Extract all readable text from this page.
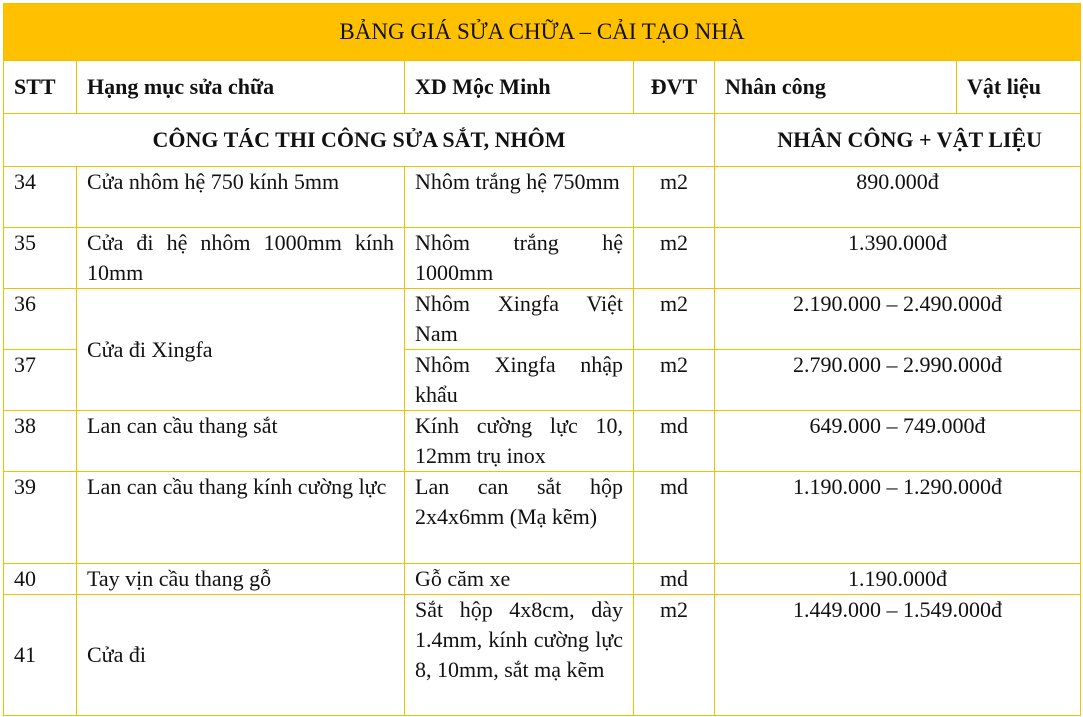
BẢNG GIÁ SỬA CHỮA – CẢI TẠO NHÀ					
STT	Hạng mục sửa chữa	XD Mộc Minh	ĐVT	Nhân công	Vật liệu
CÔNG TÁC THI CÔNG SỬA SẮT, NHÔM				NHÂN CÔNG + VẬT LIỆU	
34	Cửa nhôm hệ 750 kính 5mm	Nhôm trắng hệ 750mm	m2	890.000đ	
35	Cửa đi hệ nhôm 1000mm kính 10mm	Nhôm trắng hệ 1000mm	m2	1.390.000đ	
36	Cửa đi Xingfa	Nhôm Xingfa Việt Nam	m2	2.190.000 – 2.490.000đ	
37		Nhôm Xingfa nhập khẩu	m2	2.790.000 – 2.990.000đ	
38	Lan can cầu thang sắt	Kính cường lực 10, 12mm trụ inox	md	649.000 – 749.000đ	
39	Lan can cầu thang kính cường lực	Lan can sắt hộp 2x4x6mm (Mạ kẽm)	md	1.190.000 – 1.290.000đ	
40	Tay vịn cầu thang gỗ	Gỗ căm xe	md	1.190.000đ	
41	Cửa đi	Sắt hộp 4x8cm, dày 1.4mm, kính cường lực 8, 10mm, sắt mạ kẽm	m2	1.449.000 – 1.549.000đ	
